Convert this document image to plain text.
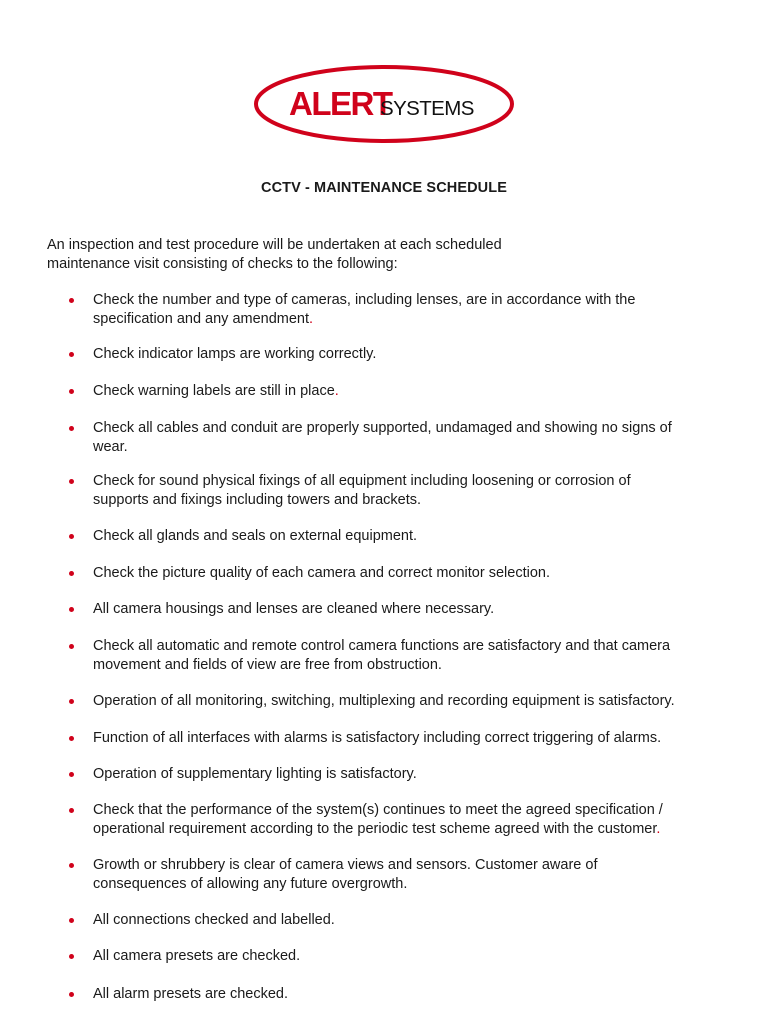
ALERT
SYSTEMS
CCTV - MAINTENANCE SCHEDULE
An inspection and test procedure will be undertaken at each scheduled
maintenance visit consisting of checks to the following:
Check the number and type of cameras, including lenses, are in accordance with the
specification and any amendment.
Check indicator lamps are working correctly.
Check warning labels are still in place.
Check all cables and conduit are properly supported, undamaged and showing no signs of
wear.
Check for sound physical fixings of all equipment including loosening or corrosion of
supports and fixings including towers and brackets.
Check all glands and seals on external equipment.
Check the picture quality of each camera and correct monitor selection.
All camera housings and lenses are cleaned where necessary.
Check all automatic and remote control camera functions are satisfactory and that camera
movement and fields of view are free from obstruction.
Operation of all monitoring, switching, multiplexing and recording equipment is satisfactory.
Function of all interfaces with alarms is satisfactory including correct triggering of alarms.
Operation of supplementary lighting is satisfactory.
Check that the performance of the system(s) continues to meet the agreed specification /
operational requirement according to the periodic test scheme agreed with the customer.
Growth or shrubbery is clear of camera views and sensors. Customer aware of
consequences of allowing any future overgrowth.
All connections checked and labelled.
All camera presets are checked.
All alarm presets are checked.
